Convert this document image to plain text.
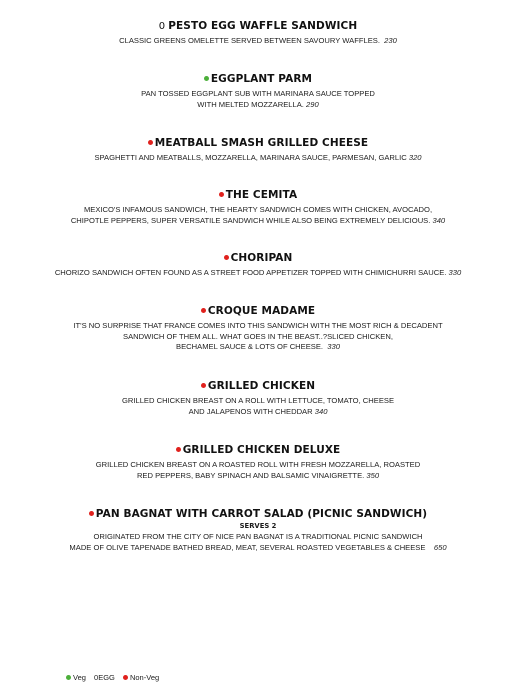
0 PESTO EGG WAFFLE SANDWICH
CLASSIC GREENS OMELETTE SERVED BETWEEN SAVOURY WAFFLES. 230
EGGPLANT PARM
PAN TOSSED EGGPLANT SUB WITH MARINARA SAUCE TOPPED
WITH MELTED MOZZARELLA. 290
MEATBALL SMASH GRILLED CHEESE
SPAGHETTI AND MEATBALLS, MOZZARELLA, MARINARA SAUCE, PARMESAN, GARLIC 320
THE CEMITA
MEXICO'S INFAMOUS SANDWICH, THE HEARTY SANDWICH COMES WITH CHICKEN, AVOCADO,
CHIPOTLE PEPPERS, SUPER VERSATILE SANDWICH WHILE ALSO BEING EXTREMELY DELICIOUS. 340
CHORIPAN
CHORIZO SANDWICH OFTEN FOUND AS A STREET FOOD APPETIZER TOPPED WITH CHIMICHURRI SAUCE. 330
CROQUE MADAME
IT'S NO SURPRISE THAT FRANCE COMES INTO THIS SANDWICH WITH THE MOST RICH & DECADENT
SANDWICH OF THEM ALL. WHAT GOES IN THE BEAST..?SLICED CHICKEN,
BECHAMEL SAUCE & LOTS OF CHEESE. 330
GRILLED CHICKEN
GRILLED CHICKEN BREAST ON A ROLL WITH LETTUCE, TOMATO, CHEESE
AND JALAPENOS WITH CHEDDAR 340
GRILLED CHICKEN DELUXE
GRILLED CHICKEN BREAST ON A ROASTED ROLL WITH FRESH MOZZARELLA, ROASTED
RED PEPPERS, BABY SPINACH AND BALSAMIC VINAIGRETTE. 350
PAN BAGNAT WITH CARROT SALAD (PICNIC SANDWICH)
SERVES 2
ORIGINATED FROM THE CITY OF NICE PAN BAGNAT IS A TRADITIONAL PICNIC SANDWICH
MADE OF OLIVE TAPENADE BATHED BREAD, MEAT, SEVERAL ROASTED VEGETABLES & CHEESE 650
Veg 0EGG Non-Veg
